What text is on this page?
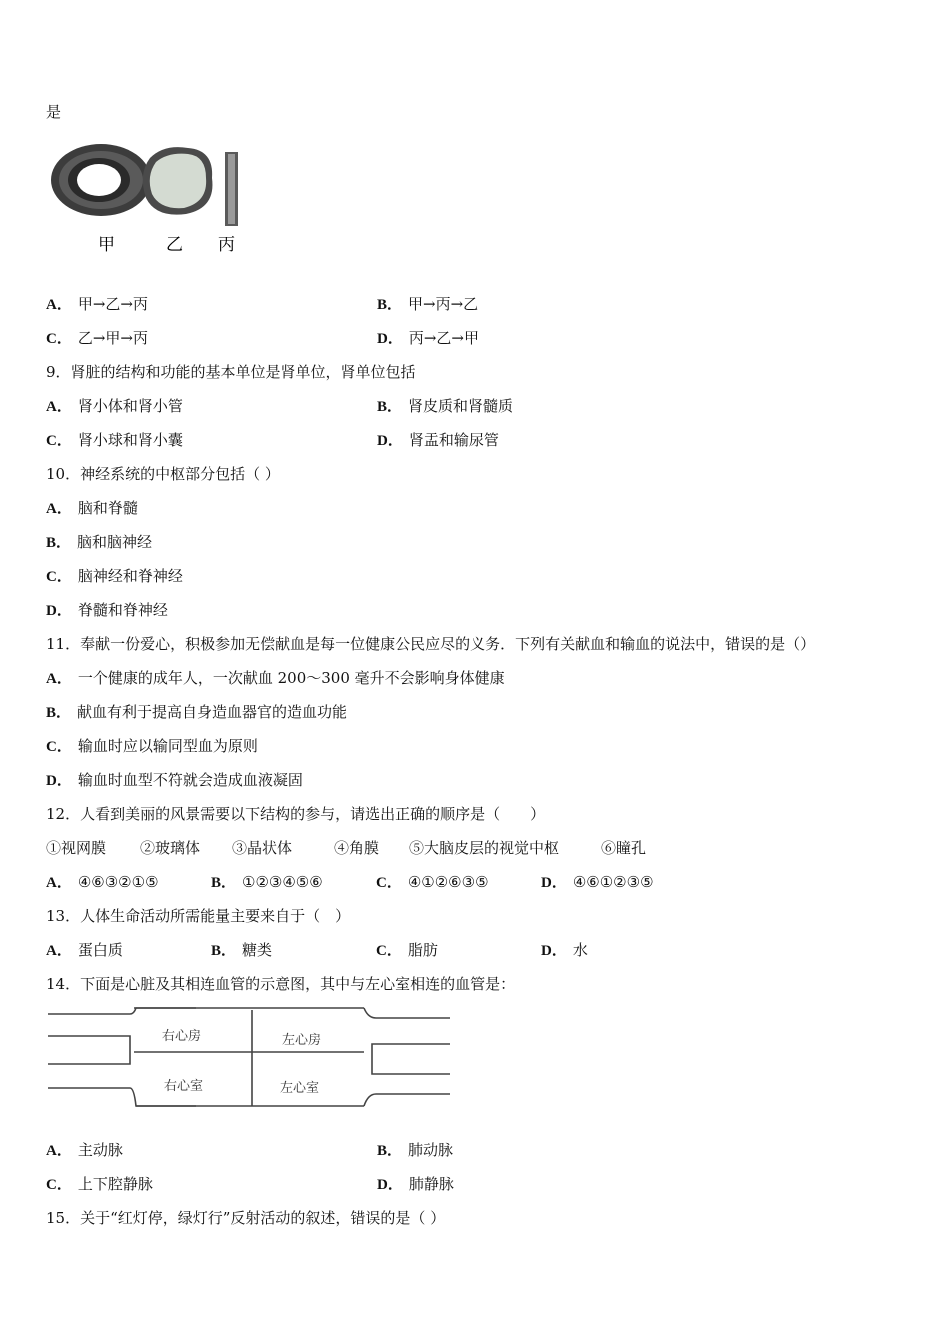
是
甲	乙 丙
A． 甲→乙→丙	B． 甲→丙→乙
C． 乙→甲→丙	D． 丙→乙→甲
9．肾脏的结构和功能的基本单位是肾单位，肾单位包括
A． 肾小体和肾小管	B． 肾皮质和肾髓质
C． 肾小球和肾小囊	D． 肾盂和输尿管
10．神经系统的中枢部分包括（ ）
A． 脑和脊髓
B． 脑和脑神经
C． 脑神经和脊神经
D． 脊髓和脊神经
11．奉献一份爱心，积极参加无偿献血是每一位健康公民应尽的义务．下列有关献血和输血的说法中，错误的是（）
A． 一个健康的成年人，一次献血 200～300 毫升不会影响身体健康
B． 献血有利于提高自身造血器官的造血功能
C． 输血时应以输同型血为原则
D． 输血时血型不符就会造成血液凝固
12．人看到美丽的风景需要以下结构的参与，请选出正确的顺序是（　　）
①视网膜 ②玻璃体 ③晶状体	④角膜 ⑤大脑皮层的视觉中枢	⑥瞳孔
A． ④⑥③②①⑤	B． ①②③④⑤⑥	C． ④①②⑥③⑤	D． ④⑥①②③⑤
13．人体生命活动所需能量主要来自于（　）
A． 蛋白质	B． 糖类	C． 脂肪	D． 水
14．下面是心脏及其相连血管的示意图，其中与左心室相连的血管是：
右心房	左心房
右心室	左心室
A． 主动脉	B． 肺动脉
C． 上下腔静脉	D． 肺静脉
15．关于“红灯停，绿灯行”反射活动的叙述，错误的是（ ）
